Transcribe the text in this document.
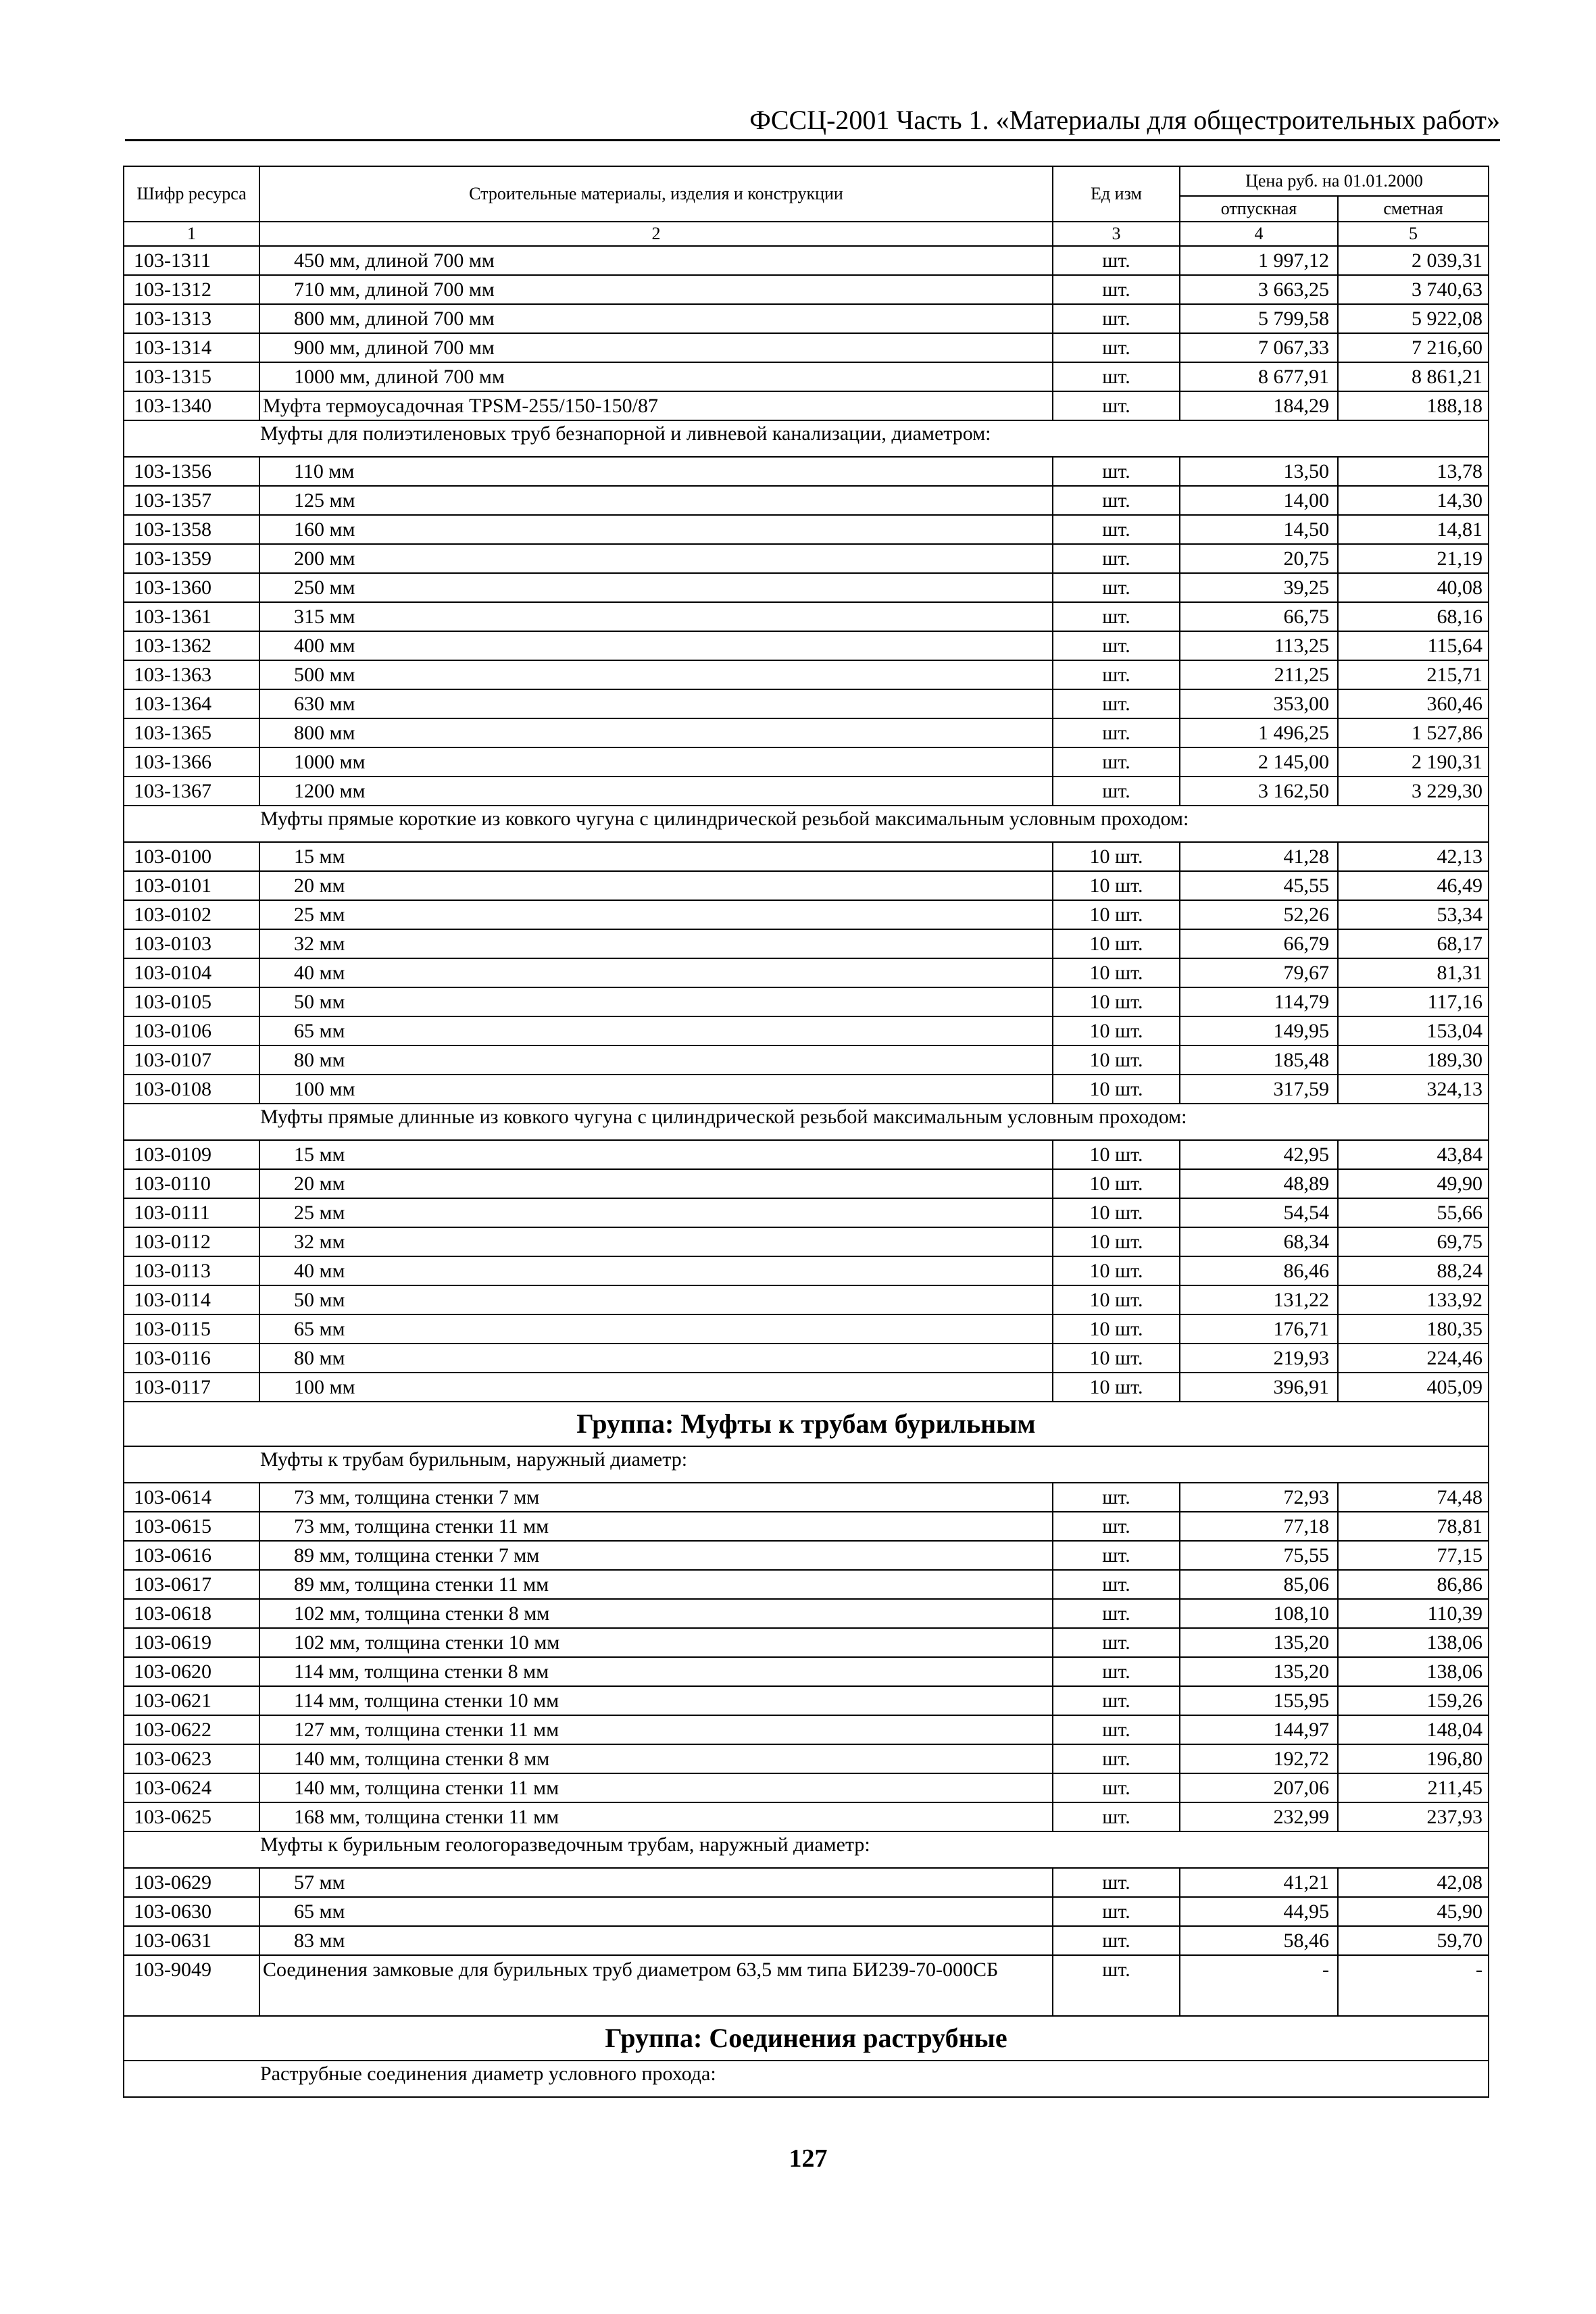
ФССЦ-2001 Часть 1. «Материалы для общестроительных работ»
Шифр ресурса	Строительные материалы, изделия и конструкции	Ед изм	Цена руб. на 01.01.2000	
			отпускная	сметная
1	2	3	4	5
103-1311	450 мм, длиной 700 мм	шт.	1 997,12	2 039,31
103-1312	710 мм, длиной 700 мм	шт.	3 663,25	3 740,63
103-1313	800 мм, длиной 700 мм	шт.	5 799,58	5 922,08
103-1314	900 мм, длиной 700 мм	шт.	7 067,33	7 216,60
103-1315	1000 мм, длиной 700 мм	шт.	8 677,91	8 861,21
103-1340	Муфта термоусадочная TPSM-255/150-150/87	шт.	184,29	188,18
Муфты для полиэтиленовых труб безнапорной и ливневой канализации, диаметром:				
103-1356	110 мм	шт.	13,50	13,78
103-1357	125 мм	шт.	14,00	14,30
103-1358	160 мм	шт.	14,50	14,81
103-1359	200 мм	шт.	20,75	21,19
103-1360	250 мм	шт.	39,25	40,08
103-1361	315 мм	шт.	66,75	68,16
103-1362	400 мм	шт.	113,25	115,64
103-1363	500 мм	шт.	211,25	215,71
103-1364	630 мм	шт.	353,00	360,46
103-1365	800 мм	шт.	1 496,25	1 527,86
103-1366	1000 мм	шт.	2 145,00	2 190,31
103-1367	1200 мм	шт.	3 162,50	3 229,30
Муфты прямые короткие из ковкого чугуна с цилиндрической резьбой максимальным условным проходом:				
103-0100	15 мм	10 шт.	41,28	42,13
103-0101	20 мм	10 шт.	45,55	46,49
103-0102	25 мм	10 шт.	52,26	53,34
103-0103	32 мм	10 шт.	66,79	68,17
103-0104	40 мм	10 шт.	79,67	81,31
103-0105	50 мм	10 шт.	114,79	117,16
103-0106	65 мм	10 шт.	149,95	153,04
103-0107	80 мм	10 шт.	185,48	189,30
103-0108	100 мм	10 шт.	317,59	324,13
Муфты прямые длинные из ковкого чугуна с цилиндрической резьбой максимальным условным проходом:				
103-0109	15 мм	10 шт.	42,95	43,84
103-0110	20 мм	10 шт.	48,89	49,90
103-0111	25 мм	10 шт.	54,54	55,66
103-0112	32 мм	10 шт.	68,34	69,75
103-0113	40 мм	10 шт.	86,46	88,24
103-0114	50 мм	10 шт.	131,22	133,92
103-0115	65 мм	10 шт.	176,71	180,35
103-0116	80 мм	10 шт.	219,93	224,46
103-0117	100 мм	10 шт.	396,91	405,09
Группа: Муфты к трубам бурильным				
Муфты к трубам бурильным, наружный диаметр:				
103-0614	73 мм, толщина стенки 7 мм	шт.	72,93	74,48
103-0615	73 мм, толщина стенки 11 мм	шт.	77,18	78,81
103-0616	89 мм, толщина стенки 7 мм	шт.	75,55	77,15
103-0617	89 мм, толщина стенки 11 мм	шт.	85,06	86,86
103-0618	102 мм, толщина стенки 8 мм	шт.	108,10	110,39
103-0619	102 мм, толщина стенки 10 мм	шт.	135,20	138,06
103-0620	114 мм, толщина стенки 8 мм	шт.	135,20	138,06
103-0621	114 мм, толщина стенки 10 мм	шт.	155,95	159,26
103-0622	127 мм, толщина стенки 11 мм	шт.	144,97	148,04
103-0623	140 мм, толщина стенки 8 мм	шт.	192,72	196,80
103-0624	140 мм, толщина стенки 11 мм	шт.	207,06	211,45
103-0625	168 мм, толщина стенки 11 мм	шт.	232,99	237,93
Муфты к бурильным геологоразведочным трубам, наружный диаметр:				
103-0629	57 мм	шт.	41,21	42,08
103-0630	65 мм	шт.	44,95	45,90
103-0631	83 мм	шт.	58,46	59,70
103-9049	Соединения замковые для бурильных труб диаметром 63,5 мм типа БИ239-70-000СБ	шт.	-	-
Группа: Соединения раструбные				
Раструбные соединения диаметр условного прохода:				
127
